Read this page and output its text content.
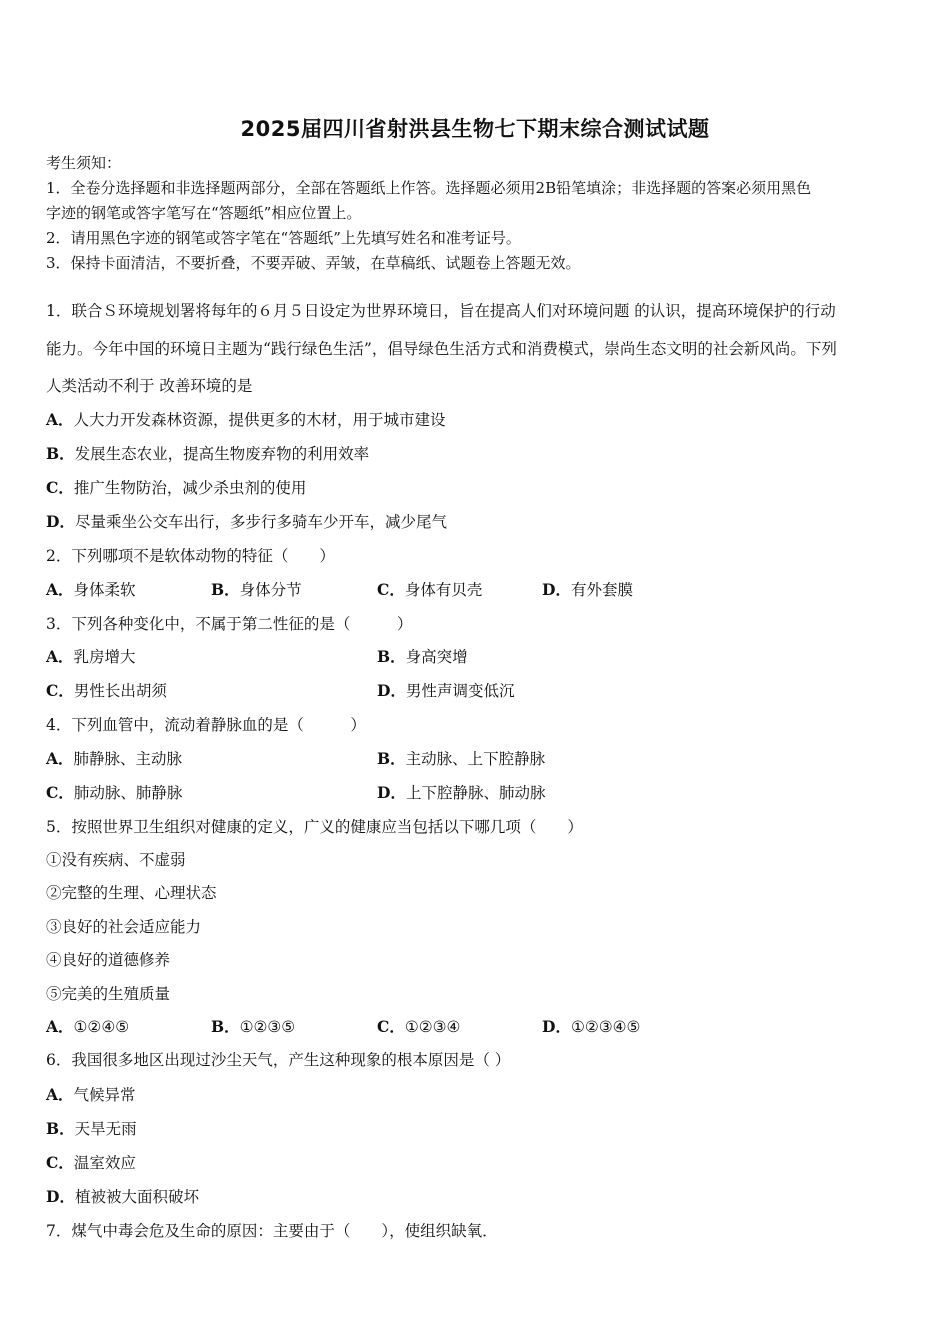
2025届四川省射洪县生物七下期末综合测试试题
考生须知：
1．全卷分选择题和非选择题两部分，全部在答题纸上作答。选择题必须用2B铅笔填涂；非选择题的答案必须用黑色
字迹的钢笔或答字笔写在“答题纸”相应位置上。
2．请用黑色字迹的钢笔或答字笔在“答题纸”上先填写姓名和准考证号。
3．保持卡面清洁，不要折叠，不要弄破、弄皱，在草稿纸、试题卷上答题无效。
1．联合Ｓ环境规划署将每年的６月５日设定为世界环境日，旨在提高人们对环境问题 的认识，提高环境保护的行动
能力。今年中国的环境日主题为“践行绿色生活”，倡导绿色生活方式和消费模式，崇尚生态文明的社会新风尚。下列
人类活动不利于 改善环境的是
A．人大力开发森林资源，提供更多的木材，用于城市建设
B．发展生态农业，提高生物废弃物的利用效率
C．推广生物防治，减少杀虫剂的使用
D．尽量乘坐公交车出行，多步行多骑车少开车，减少尾气
2．下列哪项不是软体动物的特征（　　）
A．身体柔软	B．身体分节	C．身体有贝壳	D．有外套膜
3．下列各种变化中，不属于第二性征的是（　　　）
A．乳房增大	B．身高突增
C．男性长出胡须	D．男性声调变低沉
4．下列血管中，流动着静脉血的是（　　　）
A．肺静脉、主动脉	B．主动脉、上下腔静脉
C．肺动脉、肺静脉	D．上下腔静脉、肺动脉
5．按照世界卫生组织对健康的定义，广义的健康应当包括以下哪几项（　　）
①没有疾病、不虚弱
②完整的生理、心理状态
③良好的社会适应能力
④良好的道德修养
⑤完美的生殖质量
A．①②④⑤	B．①②③⑤	C．①②③④	D．①②③④⑤
6．我国很多地区出现过沙尘天气，产生这种现象的根本原因是（ ）
A．气候异常
B．天旱无雨
C．温室效应
D．植被被大面积破坏
7．煤气中毒会危及生命的原因：主要由于（　　），使组织缺氧．
